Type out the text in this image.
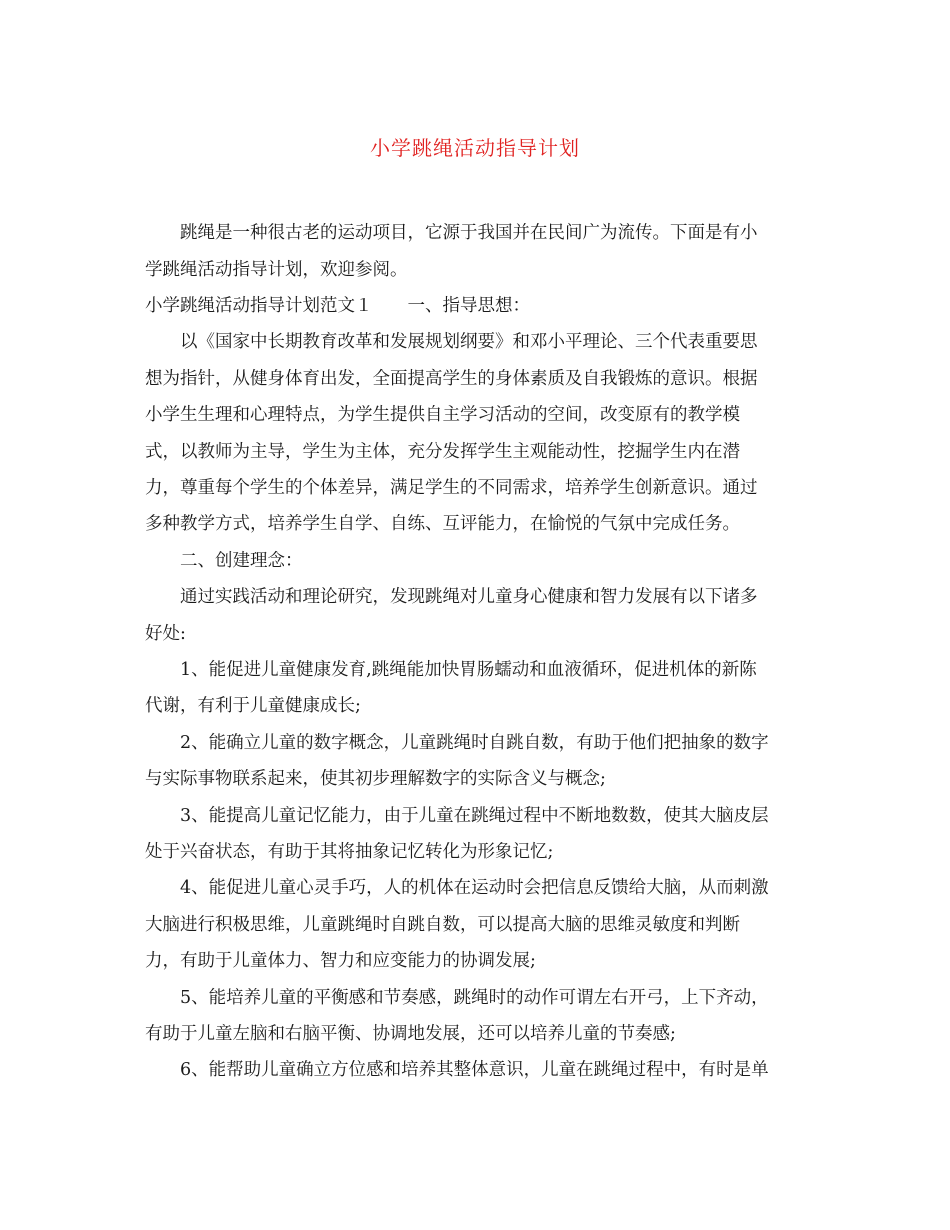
小学跳绳活动指导计划
跳绳是一种很古老的运动项目，它源于我国并在民间广为流传。下面是有小
学跳绳活动指导计划，欢迎参阅。
小学跳绳活动指导计划范文１　　一、指导思想：
以《国家中长期教育改革和发展规划纲要》和邓小平理论、三个代表重要思
想为指针，从健身体育出发，全面提高学生的身体素质及自我锻炼的意识。根据
小学生生理和心理特点，为学生提供自主学习活动的空间，改变原有的教学模
式，以教师为主导，学生为主体，充分发挥学生主观能动性，挖掘学生内在潜
力，尊重每个学生的个体差异，满足学生的不同需求，培养学生创新意识。通过
多种教学方式，培养学生自学、自练、互评能力，在愉悦的气氛中完成任务。
二、创建理念：
通过实践活动和理论研究，发现跳绳对儿童身心健康和智力发展有以下诸多
好处:
1、能促进儿童健康发育,跳绳能加快胃肠蠕动和血液循环，促进机体的新陈
代谢，有利于儿童健康成长;
2、能确立儿童的数字概念，儿童跳绳时自跳自数，有助于他们把抽象的数字
与实际事物联系起来，使其初步理解数字的实际含义与概念;
3、能提高儿童记忆能力，由于儿童在跳绳过程中不断地数数，使其大脑皮层
处于兴奋状态，有助于其将抽象记忆转化为形象记忆;
4、能促进儿童心灵手巧，人的机体在运动时会把信息反馈给大脑，从而刺激
大脑进行积极思维，儿童跳绳时自跳自数，可以提高大脑的思维灵敏度和判断
力，有助于儿童体力、智力和应变能力的协调发展;
5、能培养儿童的平衡感和节奏感，跳绳时的动作可谓左右开弓，上下齐动，
有助于儿童左脑和右脑平衡、协调地发展，还可以培养儿童的节奏感;
6、能帮助儿童确立方位感和培养其整体意识，儿童在跳绳过程中，有时是单
